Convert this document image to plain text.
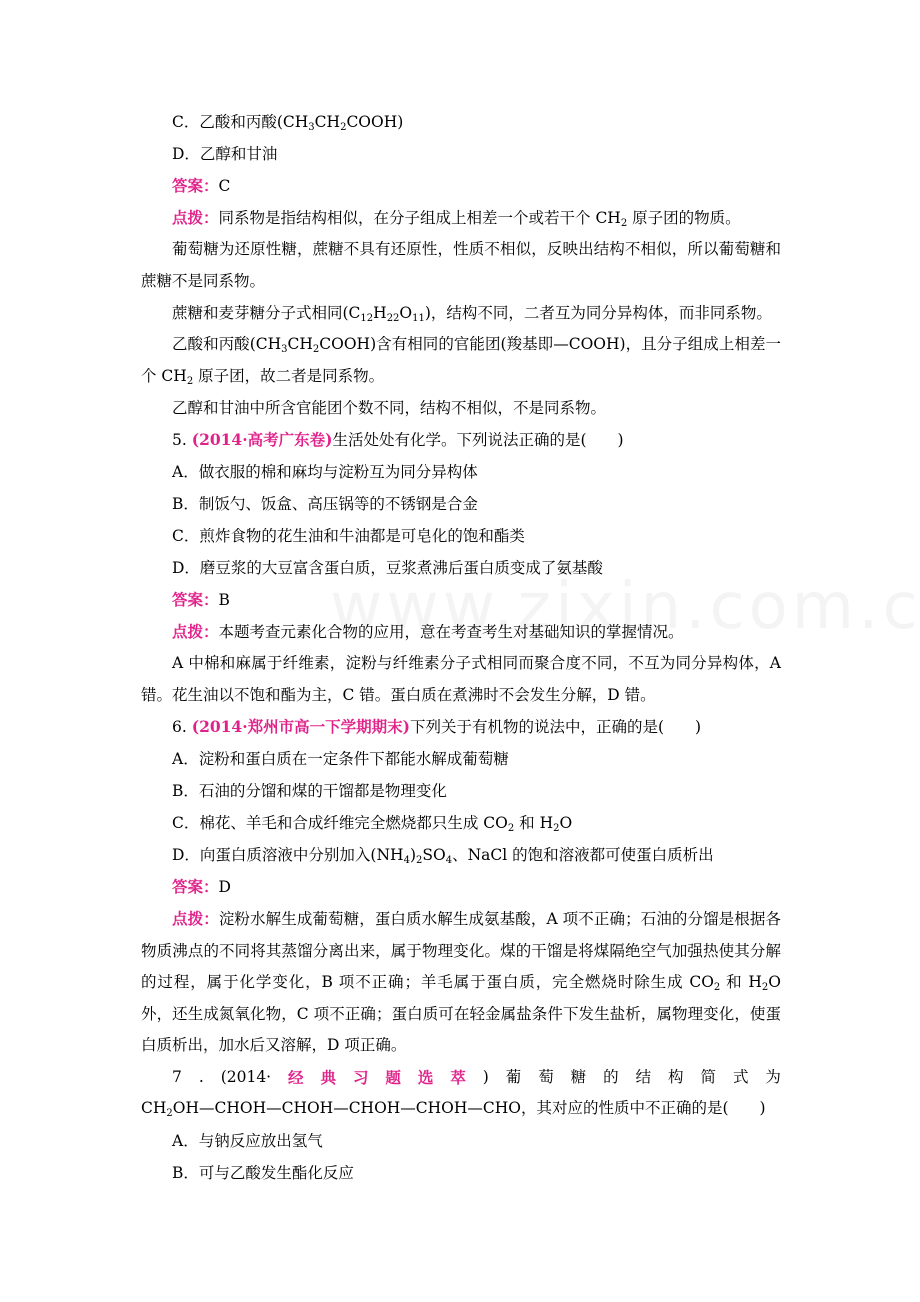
C．乙酸和丙酸$(CH_3CH_2COOH)$
D．乙醇和甘油
答案：C
点拨：同系物是指结构相似，在分子组成上相差一个或若干个 $CH_2$ 原子团的物质。
葡萄糖为还原性糖，蔗糖不具有还原性，性质不相似，反映出结构不相似，所以葡萄糖和蔗糖不是同系物。
蔗糖和麦芽糖分子式相同$(C_{12}H_{22}O_{11})$，结构不同，二者互为同分异构体，而非同系物。
乙酸和丙酸$(CH_3CH_2COOH)$含有相同的官能团(羧基即—COOH)，且分子组成上相差一个 $CH_2$ 原子团，故二者是同系物。
乙醇和甘油中所含官能团个数不同，结构不相似，不是同系物。
5. (2014·高考广东卷)生活处处有化学。下列说法正确的是(　　)
A．做衣服的棉和麻均与淀粉互为同分异构体
B．制饭勺、饭盒、高压锅等的不锈钢是合金
C．煎炸食物的花生油和牛油都是可皂化的饱和酯类
D．磨豆浆的大豆富含蛋白质，豆浆煮沸后蛋白质变成了氨基酸
答案：B
点拨：本题考查元素化合物的应用，意在考查考生对基础知识的掌握情况。
A 中棉和麻属于纤维素，淀粉与纤维素分子式相同而聚合度不同，不互为同分异构体，A 错。花生油以不饱和酯为主，C 错。蛋白质在煮沸时不会发生分解，D 错。
6. (2014·郑州市高一下学期期末)下列关于有机物的说法中，正确的是(　　)
A．淀粉和蛋白质在一定条件下都能水解成葡萄糖
B．石油的分馏和煤的干馏都是物理变化
C．棉花、羊毛和合成纤维完全燃烧都只生成 $CO_2$ 和 $H_2O$
D．向蛋白质溶液中分别加入$(NH_4)_2SO_4$、NaCl 的饱和溶液都可使蛋白质析出
答案：D
点拨：淀粉水解生成葡萄糖，蛋白质水解生成氨基酸，A 项不正确；石油的分馏是根据各物质沸点的不同将其蒸馏分离出来，属于物理变化。煤的干馏是将煤隔绝空气加强热使其分解的过程，属于化学变化，B 项不正确；羊毛属于蛋白质，完全燃烧时除生成 $CO_2$ 和 $H_2O$ 外，还生成氮氧化物，C 项不正确；蛋白质可在轻金属盐条件下发生盐析，属物理变化，使蛋白质析出，加水后又溶解，D 项正确。
7 . (2014· 经 典 习 题 选 萃 ) 葡 萄 糖 的 结 构 简 式 为
$CH_2OH—CHOH—CHOH—CHOH—CHOH—CHO$，其对应的性质中不正确的是(　　)
A．与钠反应放出氢气
B．可与乙酸发生酯化反应
